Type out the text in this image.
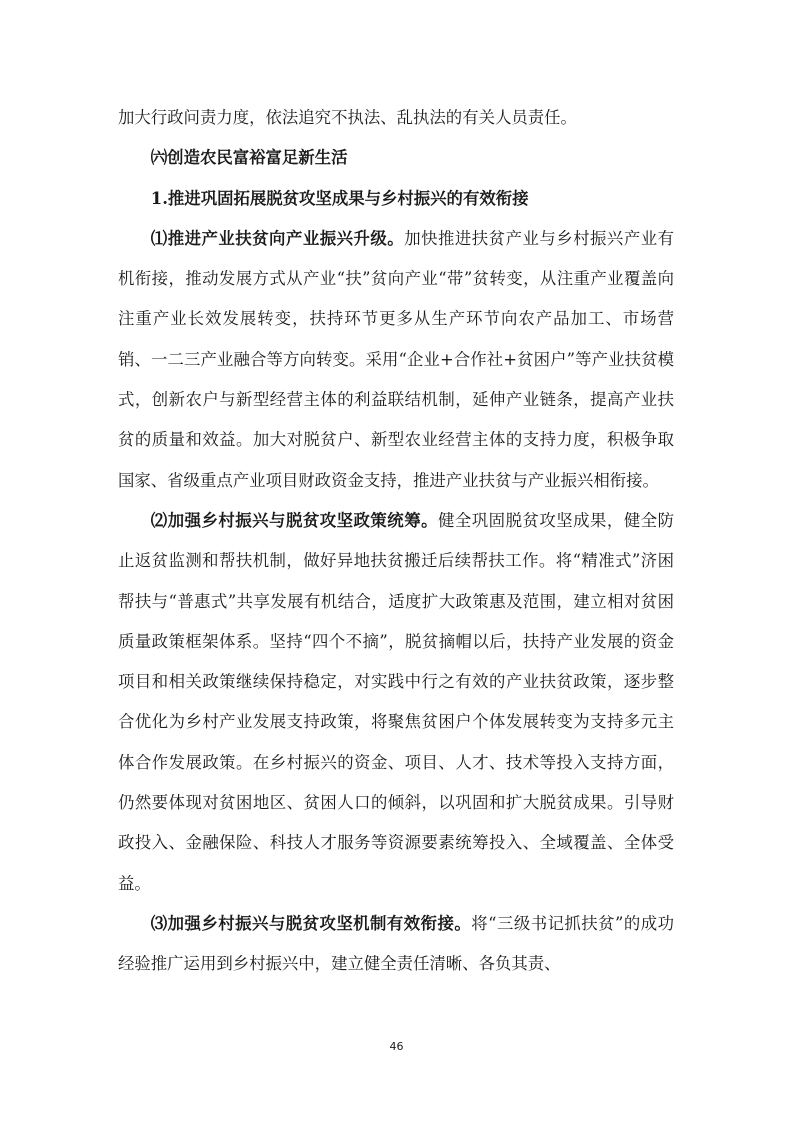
加大行政问责力度，依法追究不执法、乱执法的有关人员责任。

㈥创造农民富裕富足新生活

1.推进巩固拓展脱贫攻坚成果与乡村振兴的有效衔接

⑴推进产业扶贫向产业振兴升级。加快推进扶贫产业与乡村振兴产业有机衔接，推动发展方式从产业“扶”贫向产业“带”贫转变，从注重产业覆盖向注重产业长效发展转变，扶持环节更多从生产环节向农产品加工、市场营销、一二三产业融合等方向转变。采用“企业+合作社+贫困户”等产业扶贫模式，创新农户与新型经营主体的利益联结机制，延伸产业链条，提高产业扶贫的质量和效益。加大对脱贫户、新型农业经营主体的支持力度，积极争取国家、省级重点产业项目财政资金支持，推进产业扶贫与产业振兴相衔接。

⑵加强乡村振兴与脱贫攻坚政策统筹。健全巩固脱贫攻坚成果，健全防止返贫监测和帮扶机制，做好异地扶贫搬迁后续帮扶工作。将“精准式”济困帮扶与“普惠式”共享发展有机结合，适度扩大政策惠及范围，建立相对贫困质量政策框架体系。坚持“四个不摘”，脱贫摘帽以后，扶持产业发展的资金项目和相关政策继续保持稳定，对实践中行之有效的产业扶贫政策，逐步整合优化为乡村产业发展支持政策，将聚焦贫困户个体发展转变为支持多元主体合作发展政策。在乡村振兴的资金、项目、人才、技术等投入支持方面，仍然要体现对贫困地区、贫困人口的倾斜，以巩固和扩大脱贫成果。引导财政投入、金融保险、科技人才服务等资源要素统筹投入、全域覆盖、全体受益。

⑶加强乡村振兴与脱贫攻坚机制有效衔接。将“三级书记抓扶贫”的成功经验推广运用到乡村振兴中，建立健全责任清晰、各负其责、

46
